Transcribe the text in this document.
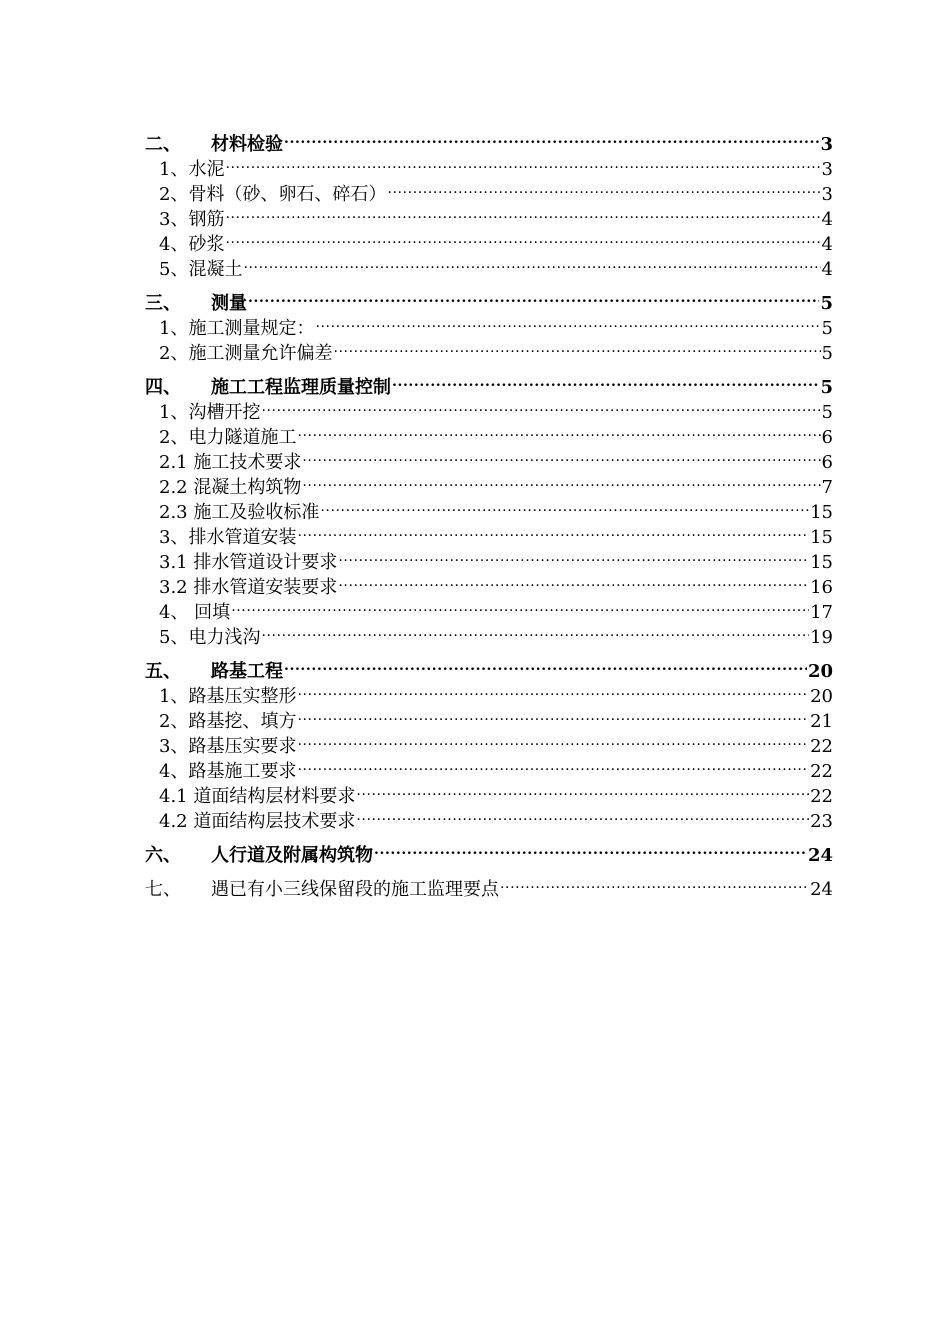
二、	材料检验 .....	3
1、水泥 .....	3
2、骨料（砂、卵石、碎石） .....	3
3、钢筋 .....	4
4、砂浆 .....	4
5、混凝土 .....	4
三、	测量 .....	5
1、施工测量规定： .....	5
2、施工测量允许偏差 .....	5
四、	施工工程监理质量控制 .....	5
1、沟槽开挖 .....	5
2、电力隧道施工 .....	6
2.1 施工技术要求 .....	6
2.2 混凝土构筑物 .....	7
2.3 施工及验收标准 .....	15
3、排水管道安装 .....	15
3.1 排水管道设计要求 .....	15
3.2 排水管道安装要求 .....	16
4、 回填 .....	17
5、电力浅沟 .....	19
五、	路基工程 .....	20
1、路基压实整形 .....	20
2、路基挖、填方 .....	21
3、路基压实要求 .....	22
4、路基施工要求 .....	22
4.1 道面结构层材料要求 .....	22
4.2 道面结构层技术要求 .....	23
六、	人行道及附属构筑物 .....	24
七、	遇已有小三线保留段的施工监理要点 .....	24
